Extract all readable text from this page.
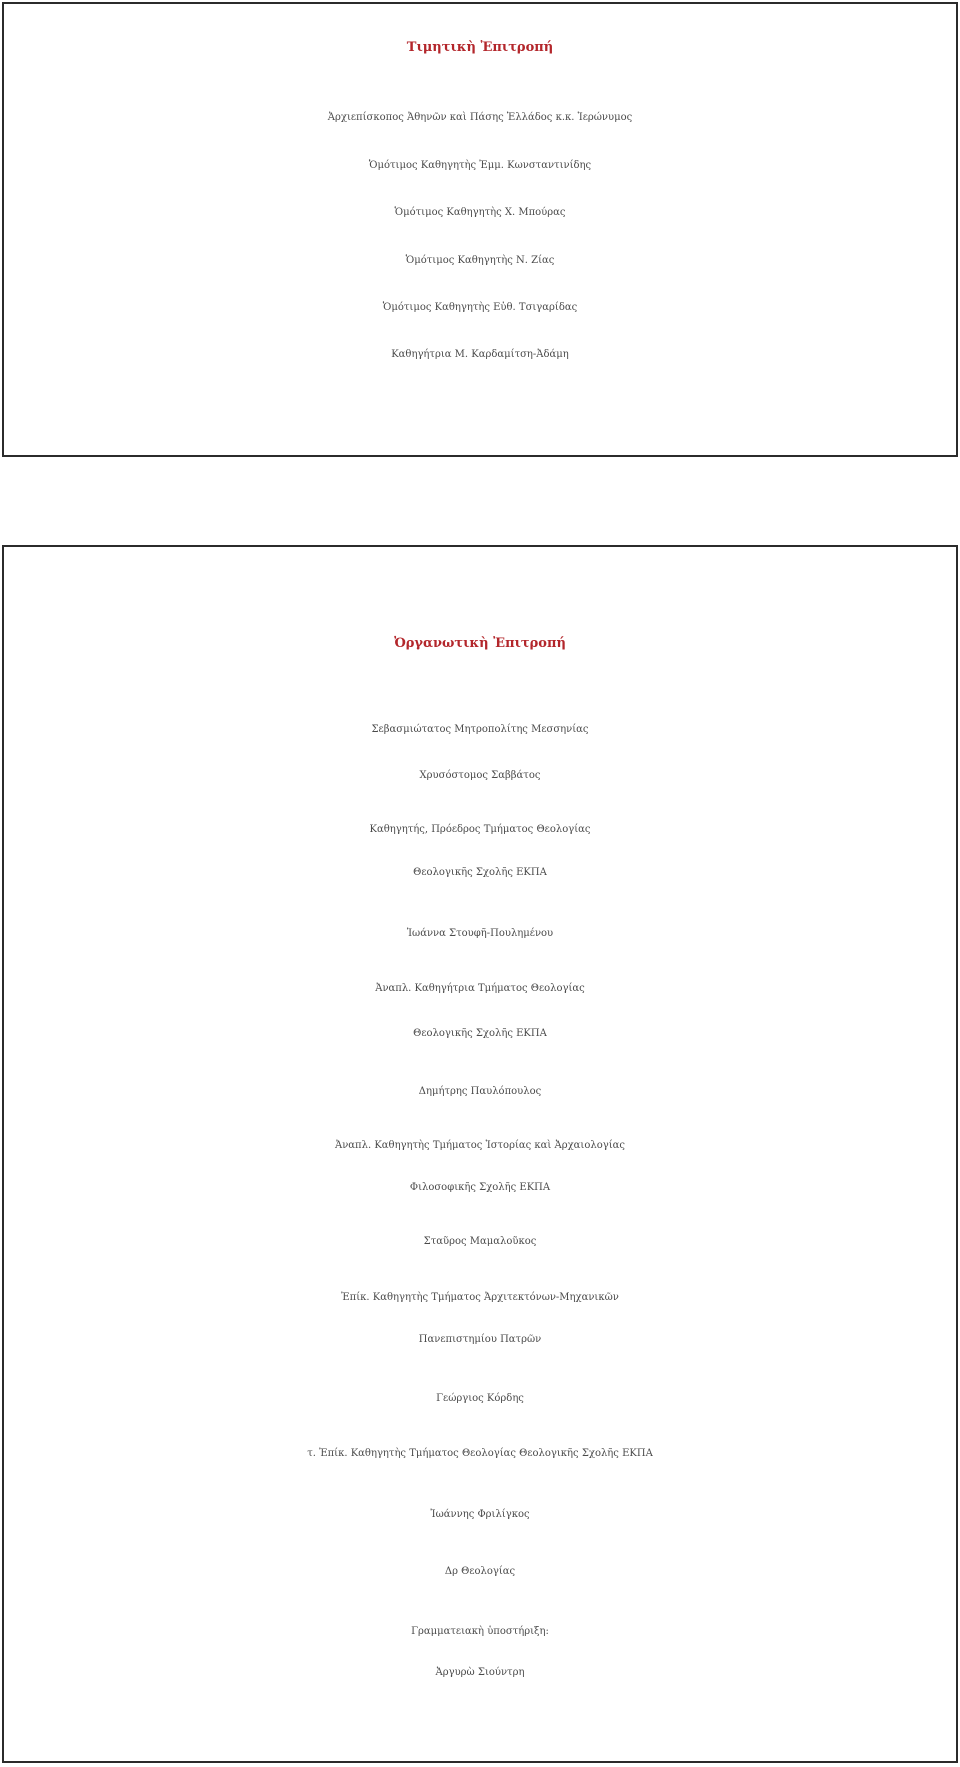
Τιμητικὴ Ἐπιτροπή
Ἀρχιεπίσκοπος Ἀθηνῶν καὶ Πάσης Ἑλλάδος κ.κ. Ἱερώνυμος
Ὁμότιμος Καθηγητὴς Ἐμμ. Κωνσταντινίδης
Ὁμότιμος Καθηγητὴς Χ. Μπούρας
Ὁμότιμος Καθηγητὴς Ν. Ζίας
Ὁμότιμος Καθηγητὴς Εὐθ. Τσιγαρίδας
Καθηγήτρια Μ. Καρδαμίτση-Ἀδάμη
Ὀργανωτικὴ Ἐπιτροπή
Σεβασμιώτατος Μητροπολίτης Μεσσηνίας
Χρυσόστομος Σαββάτος
Καθηγητής, Πρόεδρος Τμήματος Θεολογίας
Θεολογικῆς Σχολῆς ΕΚΠΑ
Ἰωάννα Στουφῆ-Πουλημένου
Ἀναπλ. Καθηγήτρια Τμήματος Θεολογίας
Θεολογικῆς Σχολῆς ΕΚΠΑ
Δημήτρης Παυλόπουλος
Ἀναπλ. Καθηγητὴς Τμήματος Ἱστορίας καὶ Ἀρχαιολογίας
Φιλοσοφικῆς Σχολῆς ΕΚΠΑ
Σταῦρος Μαμαλοῦκος
Ἐπίκ. Καθηγητὴς Τμήματος Ἀρχιτεκτόνων-Μηχανικῶν
Πανεπιστημίου Πατρῶν
Γεώργιος Κόρδης
τ. Ἐπίκ. Καθηγητὴς Τμήματος Θεολογίας Θεολογικῆς Σχολῆς ΕΚΠΑ
Ἰωάννης Φριλίγκος
Δρ Θεολογίας
Γραμματειακὴ ὑποστήριξη:
Ἀργυρὼ Σιούντρη
